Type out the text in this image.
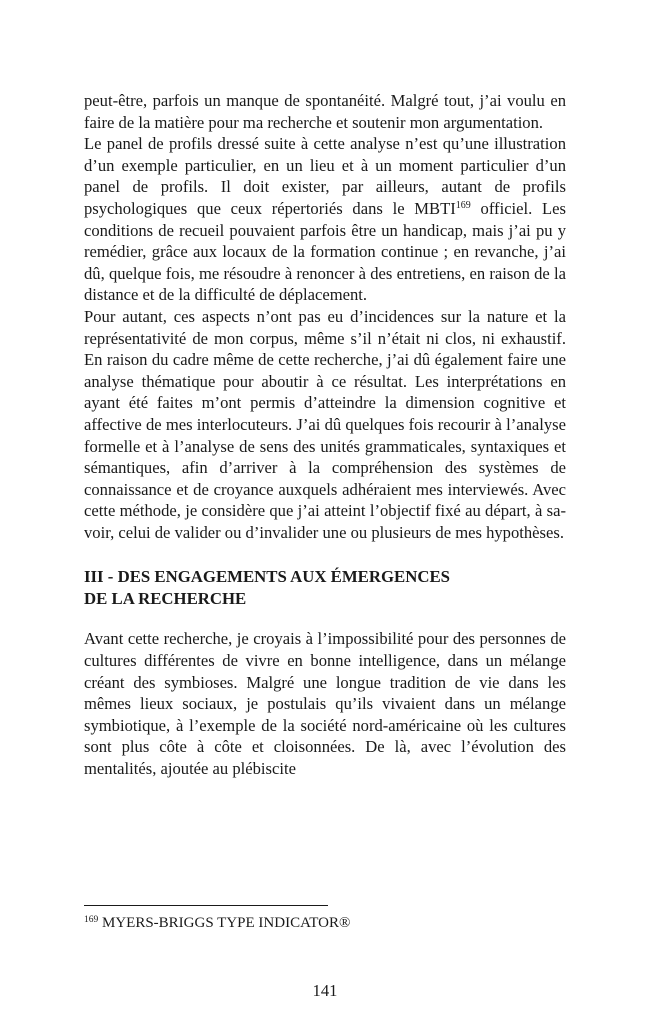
peut-être, parfois un manque de spontanéité. Malgré tout, j’ai voulu en faire de la matière pour ma recherche et soutenir mon argumentation.

Le panel de profils dressé suite à cette analyse n’est qu’une illustration d’un exemple particulier, en un lieu et à un moment particulier d’un panel de profils. Il doit exister, par ailleurs, autant de profils psychologiques que ceux répertoriés dans le MBTI$^{169}$ officiel. Les conditions de recueil pouvaient parfois être un handicap, mais j’ai pu y remédier, grâce aux locaux de la formation continue ; en revanche, j’ai dû, quelque fois, me résoudre à renoncer à des entretiens, en raison de la distance et de la difficulté de déplacement.

Pour autant, ces aspects n’ont pas eu d’incidences sur la nature et la représentativité de mon corpus, même s’il n’était ni clos, ni exhaustif. En raison du cadre même de cette recherche, j’ai dû également faire une analyse thématique pour aboutir à ce résultat. Les interprétations en ayant été faites m’ont permis d’atteindre la dimension cognitive et affective de mes interlocuteurs. J’ai dû quelques fois recourir à l’analyse formelle et à l’analyse de sens des unités grammaticales, syntaxiques et sémantiques, afin d’arriver à la compréhension des systèmes de connaissance et de croyance auxquels adhéraient mes interviewés. Avec cette méthode, je considère que j’ai atteint l’objectif fixé au départ, à savoir, celui de valider ou d’invalider une ou plusieurs de mes hypothèses.

III - DES ENGAGEMENTS AUX ÉMERGENCES
DE LA RECHERCHE

Avant cette recherche, je croyais à l’impossibilité pour des personnes de cultures différentes de vivre en bonne intelligence, dans un mélange créant des symbioses. Malgré une longue tradition de vie dans les mêmes lieux sociaux, je postulais qu’ils vivaient dans un mélange symbiotique, à l’exemple de la société nord-américaine où les cultures sont plus côte à côte et cloisonnées. De là, avec l’évolution des mentalités, ajoutée au plébiscite

$^{169}$ MYERS-BRIGGS TYPE INDICATOR®
141
